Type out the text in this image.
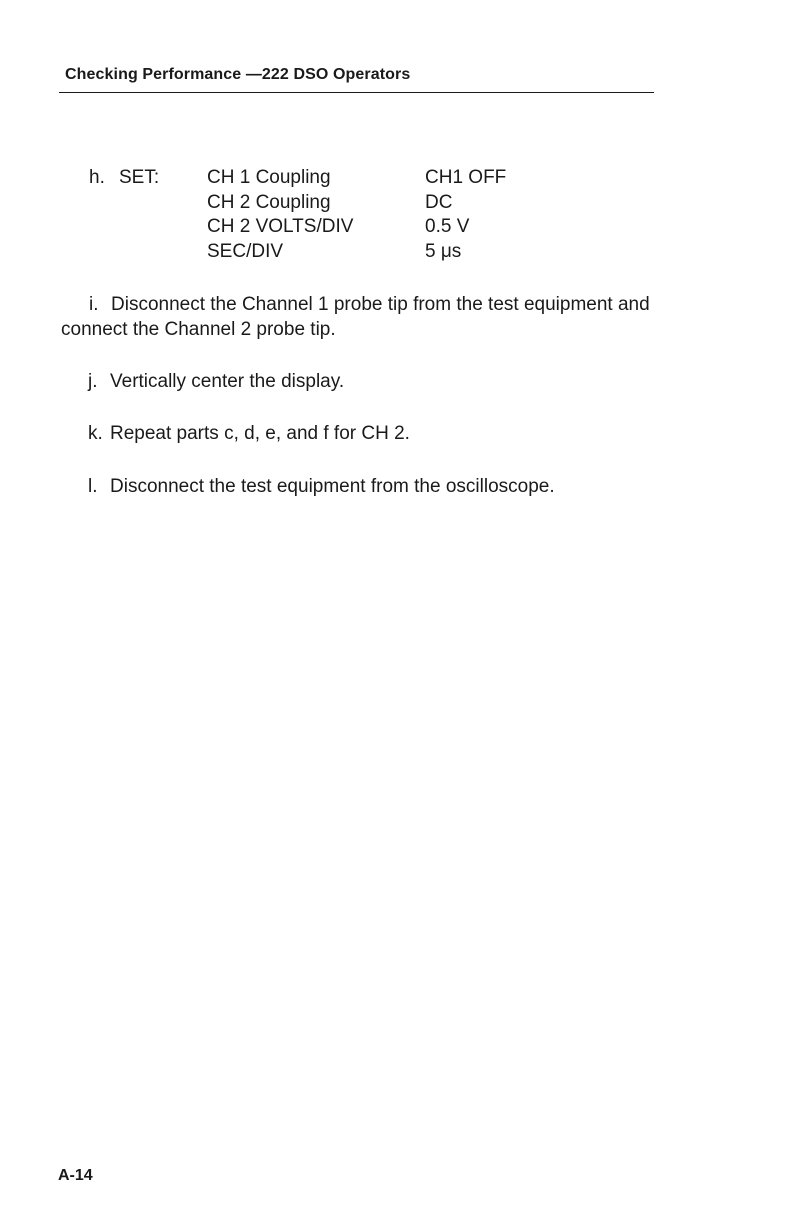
Checking Performance —222 DSO Operators
h. SET:	CH 1 Coupling	CH1 OFF
CH 2 Coupling	DC
CH 2 VOLTS/DIV	0.5 V
SEC/DIV	5 μs
i. Disconnect the Channel 1 probe tip from the test equipment and connect the Channel 2 probe tip.
j. Vertically center the display.
k. Repeat parts c, d, e, and f for CH 2.
l. Disconnect the test equipment from the oscilloscope.
A-14
